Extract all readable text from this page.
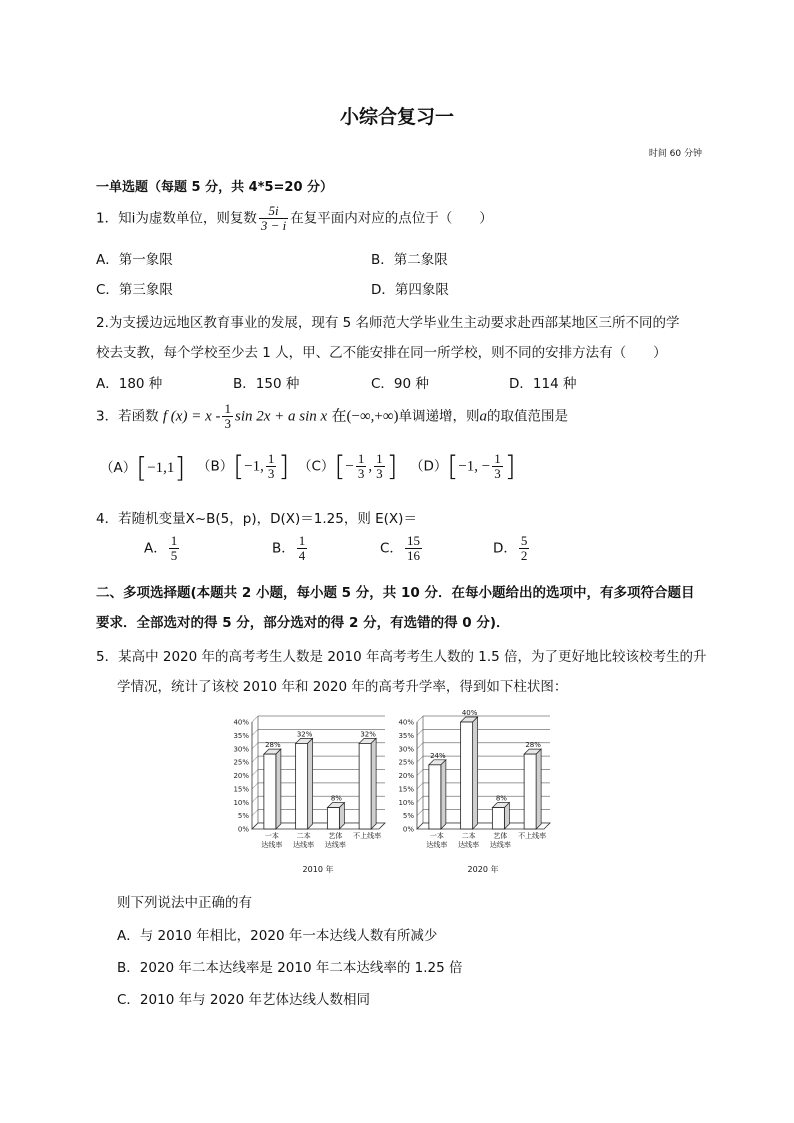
小综合复习一
时间 60 分钟
一单选题（每题 5 分，共 4*5=20 分）
1．知i为虚数单位，则复数 $\frac{5i}{3 - i}$ 在复平面内对应的点位于（　　）
A．第一象限	B．第二象限
C．第三象限	D．第四象限
2.为支援边远地区教育事业的发展，现有 5 名师范大学毕业生主动要求赴西部某地区三所不同的学
校去支教，每个学校至少去 1 人，甲、乙不能安排在同一所学校，则不同的安排方法有（　　）
A．180 种	B．150 种	C．90 种	D．114 种
3．若函数 f $(x) = x - \frac{1}{3}$ sin 2x + a sin x 在(−∞,+∞)单调递增，则a的取值范围是
（A）[−1,1] （B）[−1, $\frac{1}{3}$ ] $(C)[- \frac{1}{3}$ , $\frac{1}{3}$ ] （D）[−1, − $\frac{1}{3}$ ]
4．若随机变量X~B(5，p)，D(X)＝1.25，则 E(X)＝
A． $\frac{1}{5}$	B． $\frac{1}{4}$	C． $\frac{15}{16}$	D． $\frac{5}{2}$
二、多项选择题(本题共 2 小题，每小题 5 分，共 10 分．在每小题给出的选项中，有多项符合题目
要求．全部选对的得 5 分，部分选对的得 2 分，有选错的得 0 分)．
5．某高中 2020 年的高考考生人数是 2010 年高考考生人数的 1.5 倍，为了更好地比较该校考生的升
学情况，统计了该校 2010 年和 2020 年的高考升学率，得到如下柱状图：
0%
5%
10%
15%
20%
25%
30%
35%
40%
28%
一本
达线率
32%
二本
达线率
8%
艺体
达线率
32%
不上线率
2010 年
0%
5%
10%
15%
20%
25%
30%
35%
40%
24%
一本
达线率
40%
二本
达线率
8%
艺体
达线率
28%
不上线率
2020 年
则下列说法中正确的有
A．与 2010 年相比，2020 年一本达线人数有所减少
B．2020 年二本达线率是 2010 年二本达线率的 1.25 倍
C．2010 年与 2020 年艺体达线人数相同
